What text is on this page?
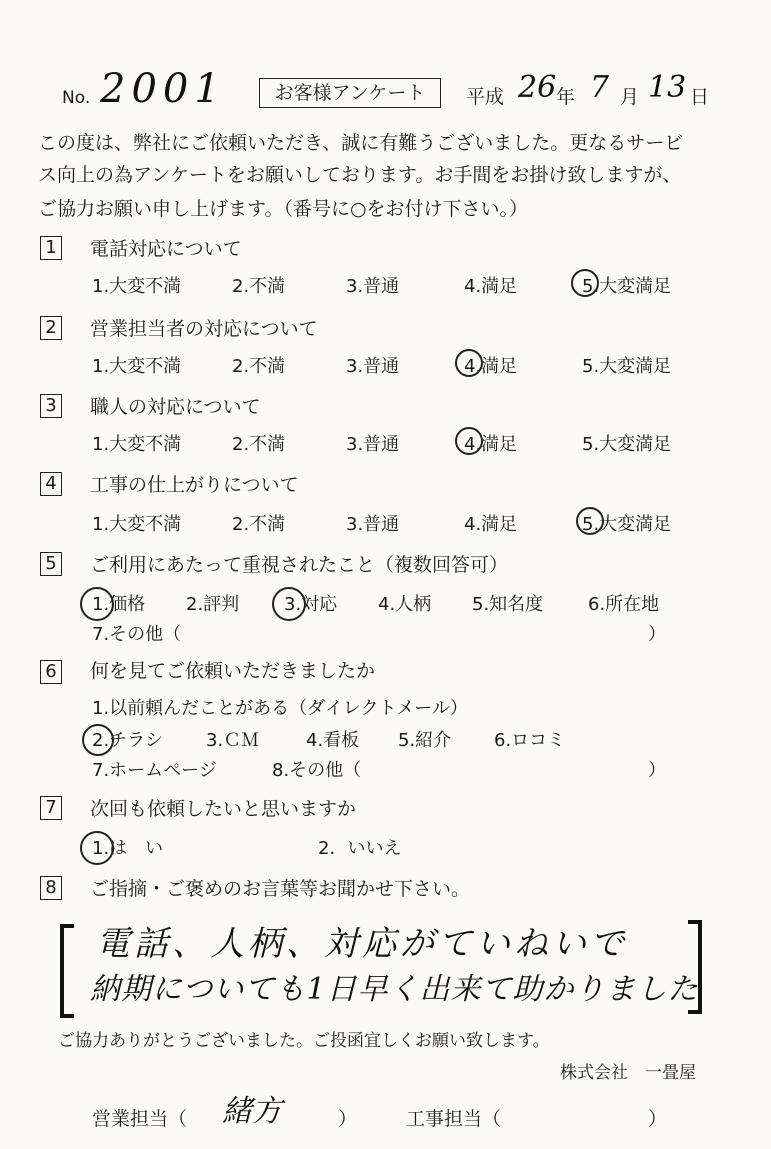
No. 2001	お客様アンケート	平成 26 年 7 月 13 日
この度は、弊社にご依頼いただき、誠に有難うございました。更なるサービ
ス向上の為アンケートをお願いしております。お手間をお掛け致しますが、
ご協力お願い申し上げます。（番号に○をお付け下さい。）
1 電話対応について
1.大変不満	2.不満	3.普通	4.満足	5.大変満足
2 営業担当者の対応について
1.大変不満	2.不満	3.普通	4.満足	5.大変満足
3 職人の対応について
1.大変不満	2.不満	3.普通	4.満足	5.大変満足
4 工事の仕上がりについて
1.大変不満	2.不満	3.普通	4.満足	5.大変満足
5 ご利用にあたって重視されたこと（複数回答可）
1.価格 2.評判 3.対応 4.人柄 5.知名度 6.所在地
7.その他（	）
6 何を見てご依頼いただきましたか
1.以前頼んだことがある（ダイレクトメール）
2.チラシ 3.ＣＭ	4.看板 5.紹介 6.ロコミ
7.ホームページ	8.その他（	）
7 次回も依頼したいと思いますか
1.は　い	2．いいえ
8 ご指摘・ご褒めのお言葉等お聞かせ下さい。
電話、人柄、対応がていねいで
納期についても1日早く出来て助かりました
ご協力ありがとうございました。ご投函宜しくお願い致します。
株式会社　一畳屋
営業担当（ 緒方	）	工事担当（	）
